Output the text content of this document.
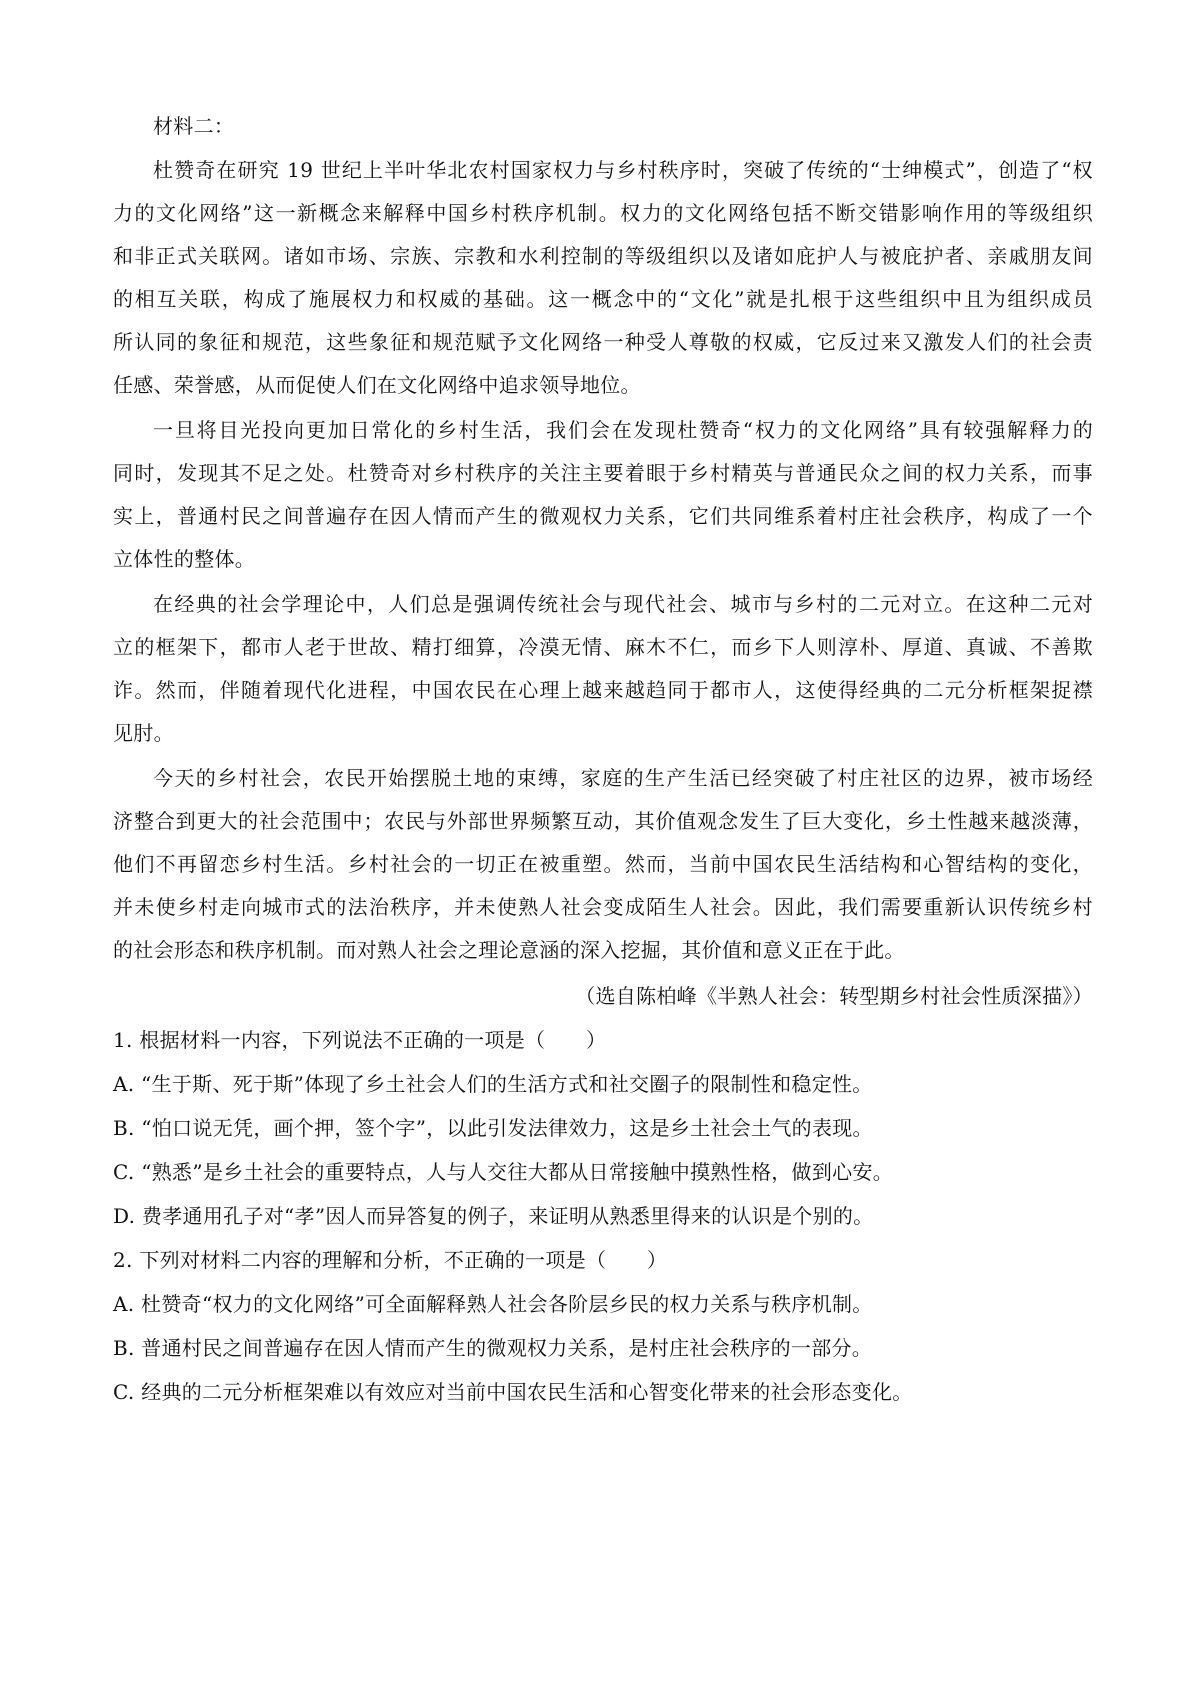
材料二：
杜赞奇在研究 19 世纪上半叶华北农村国家权力与乡村秩序时，突破了传统的“士绅模式”，创造了“权
力的文化网络”这一新概念来解释中国乡村秩序机制。权力的文化网络包括不断交错影响作用的等级组织
和非正式关联网。诸如市场、宗族、宗教和水利控制的等级组织以及诸如庇护人与被庇护者、亲戚朋友间
的相互关联，构成了施展权力和权威的基础。这一概念中的“文化”就是扎根于这些组织中且为组织成员
所认同的象征和规范，这些象征和规范赋予文化网络一种受人尊敬的权威，它反过来又激发人们的社会责
任感、荣誉感，从而促使人们在文化网络中追求领导地位。
一旦将目光投向更加日常化的乡村生活，我们会在发现杜赞奇“权力的文化网络”具有较强解释力的
同时，发现其不足之处。杜赞奇对乡村秩序的关注主要着眼于乡村精英与普通民众之间的权力关系，而事
实上，普通村民之间普遍存在因人情而产生的微观权力关系，它们共同维系着村庄社会秩序，构成了一个
立体性的整体。
在经典的社会学理论中，人们总是强调传统社会与现代社会、城市与乡村的二元对立。在这种二元对
立的框架下，都市人老于世故、精打细算，冷漠无情、麻木不仁，而乡下人则淳朴、厚道、真诚、不善欺
诈。然而，伴随着现代化进程，中国农民在心理上越来越趋同于都市人，这使得经典的二元分析框架捉襟
见肘。
今天的乡村社会，农民开始摆脱土地的束缚，家庭的生产生活已经突破了村庄社区的边界，被市场经
济整合到更大的社会范围中；农民与外部世界频繁互动，其价值观念发生了巨大变化，乡土性越来越淡薄，
他们不再留恋乡村生活。乡村社会的一切正在被重塑。然而，当前中国农民生活结构和心智结构的变化，
并未使乡村走向城市式的法治秩序，并未使熟人社会变成陌生人社会。因此，我们需要重新认识传统乡村
的社会形态和秩序机制。而对熟人社会之理论意涵的深入挖掘，其价值和意义正在于此。
（选自陈柏峰《半熟人社会：转型期乡村社会性质深描》）
1. 根据材料一内容，下列说法不正确的一项是（　　）
A. “生于斯、死于斯”体现了乡土社会人们的生活方式和社交圈子的限制性和稳定性。
B. “怕口说无凭，画个押，签个字”，以此引发法律效力，这是乡土社会土气的表现。
C. “熟悉”是乡土社会的重要特点，人与人交往大都从日常接触中摸熟性格，做到心安。
D. 费孝通用孔子对“孝”因人而异答复的例子，来证明从熟悉里得来的认识是个别的。
2. 下列对材料二内容的理解和分析，不正确的一项是（　　）
A. 杜赞奇“权力的文化网络”可全面解释熟人社会各阶层乡民的权力关系与秩序机制。
B. 普通村民之间普遍存在因人情而产生的微观权力关系，是村庄社会秩序的一部分。
C. 经典的二元分析框架难以有效应对当前中国农民生活和心智变化带来的社会形态变化。
